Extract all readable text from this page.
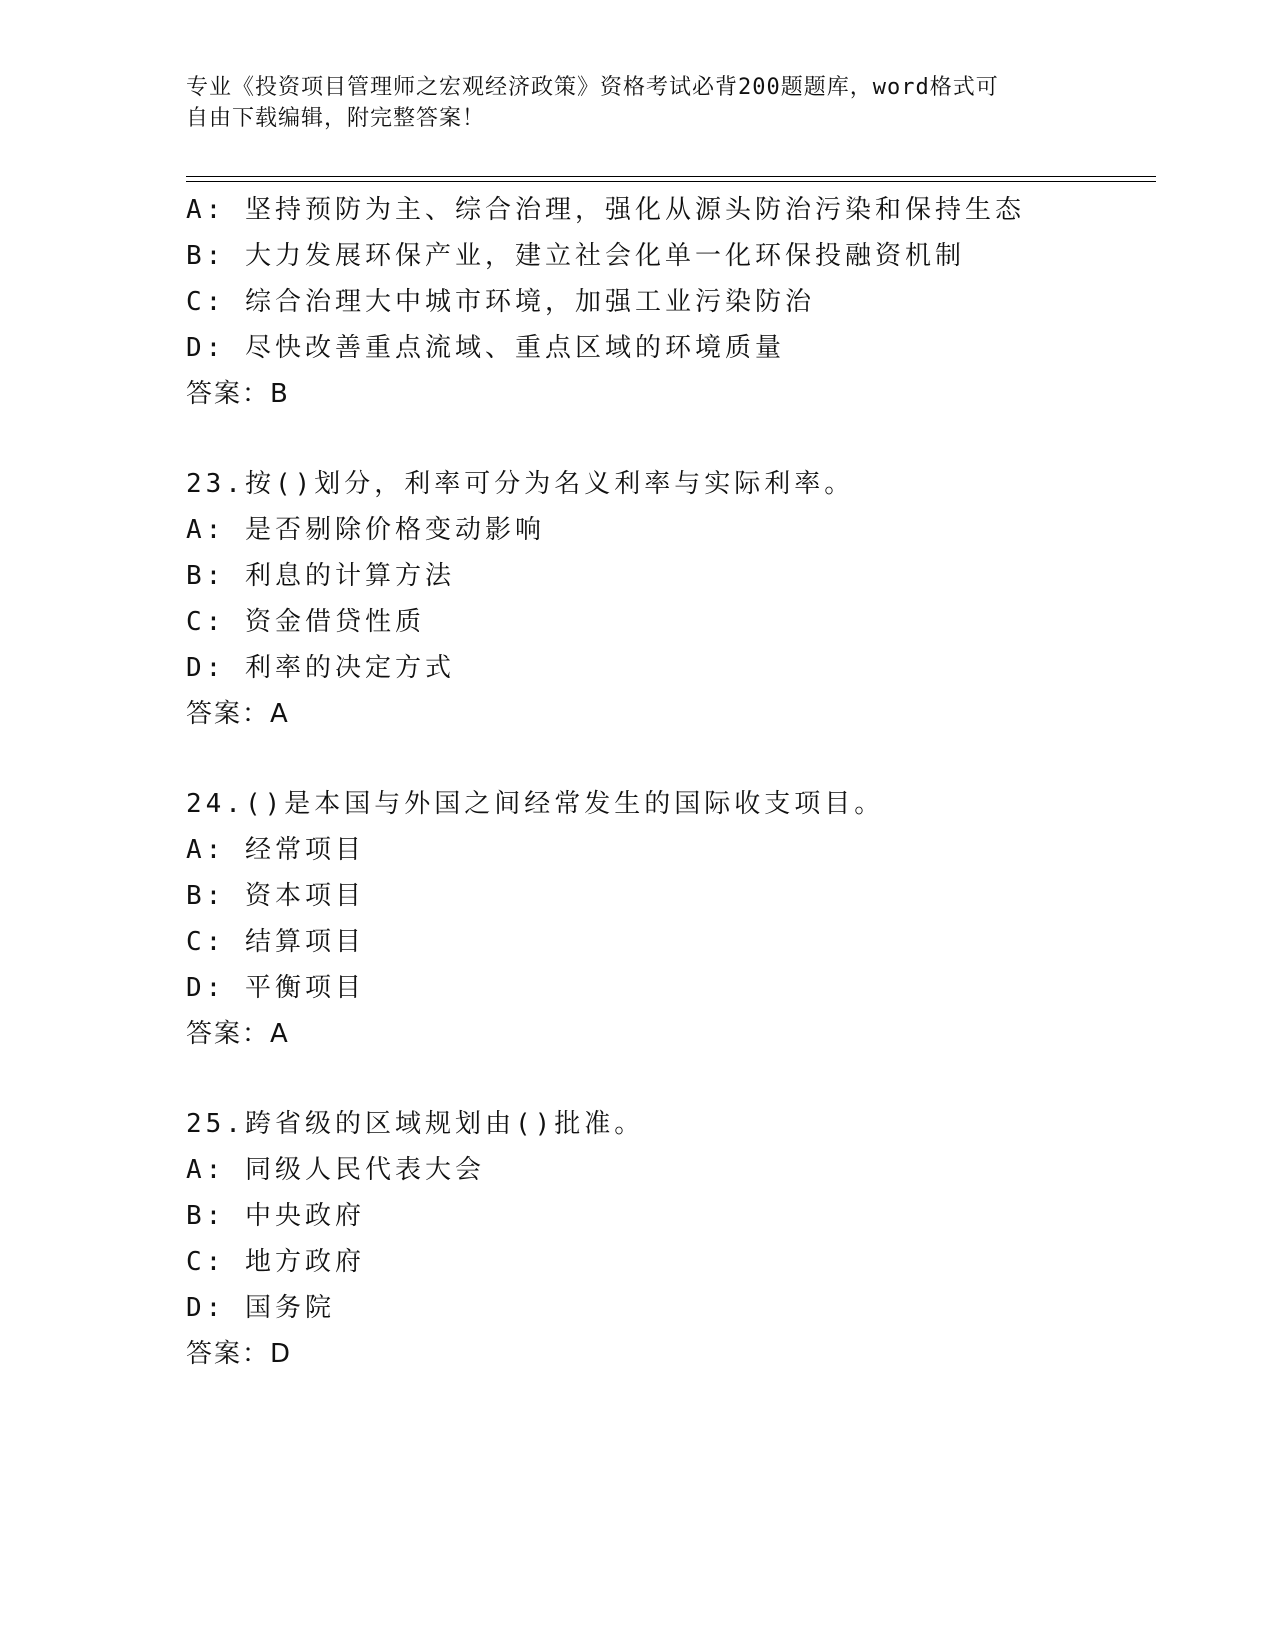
专业《投资项目管理师之宏观经济政策》资格考试必背200题题库，word格式可
自由下载编辑，附完整答案！
A: 坚持预防为主、综合治理，强化从源头防治污染和保持生态
B: 大力发展环保产业，建立社会化单一化环保投融资机制
C: 综合治理大中城市环境，加强工业污染防治
D: 尽快改善重点流域、重点区域的环境质量
答案：B
23.按()划分，利率可分为名义利率与实际利率。
A: 是否剔除价格变动影响
B: 利息的计算方法
C: 资金借贷性质
D: 利率的决定方式
答案：A
24.()是本国与外国之间经常发生的国际收支项目。
A: 经常项目
B: 资本项目
C: 结算项目
D: 平衡项目
答案：A
25.跨省级的区域规划由()批准。
A: 同级人民代表大会
B: 中央政府
C: 地方政府
D: 国务院
答案：D
